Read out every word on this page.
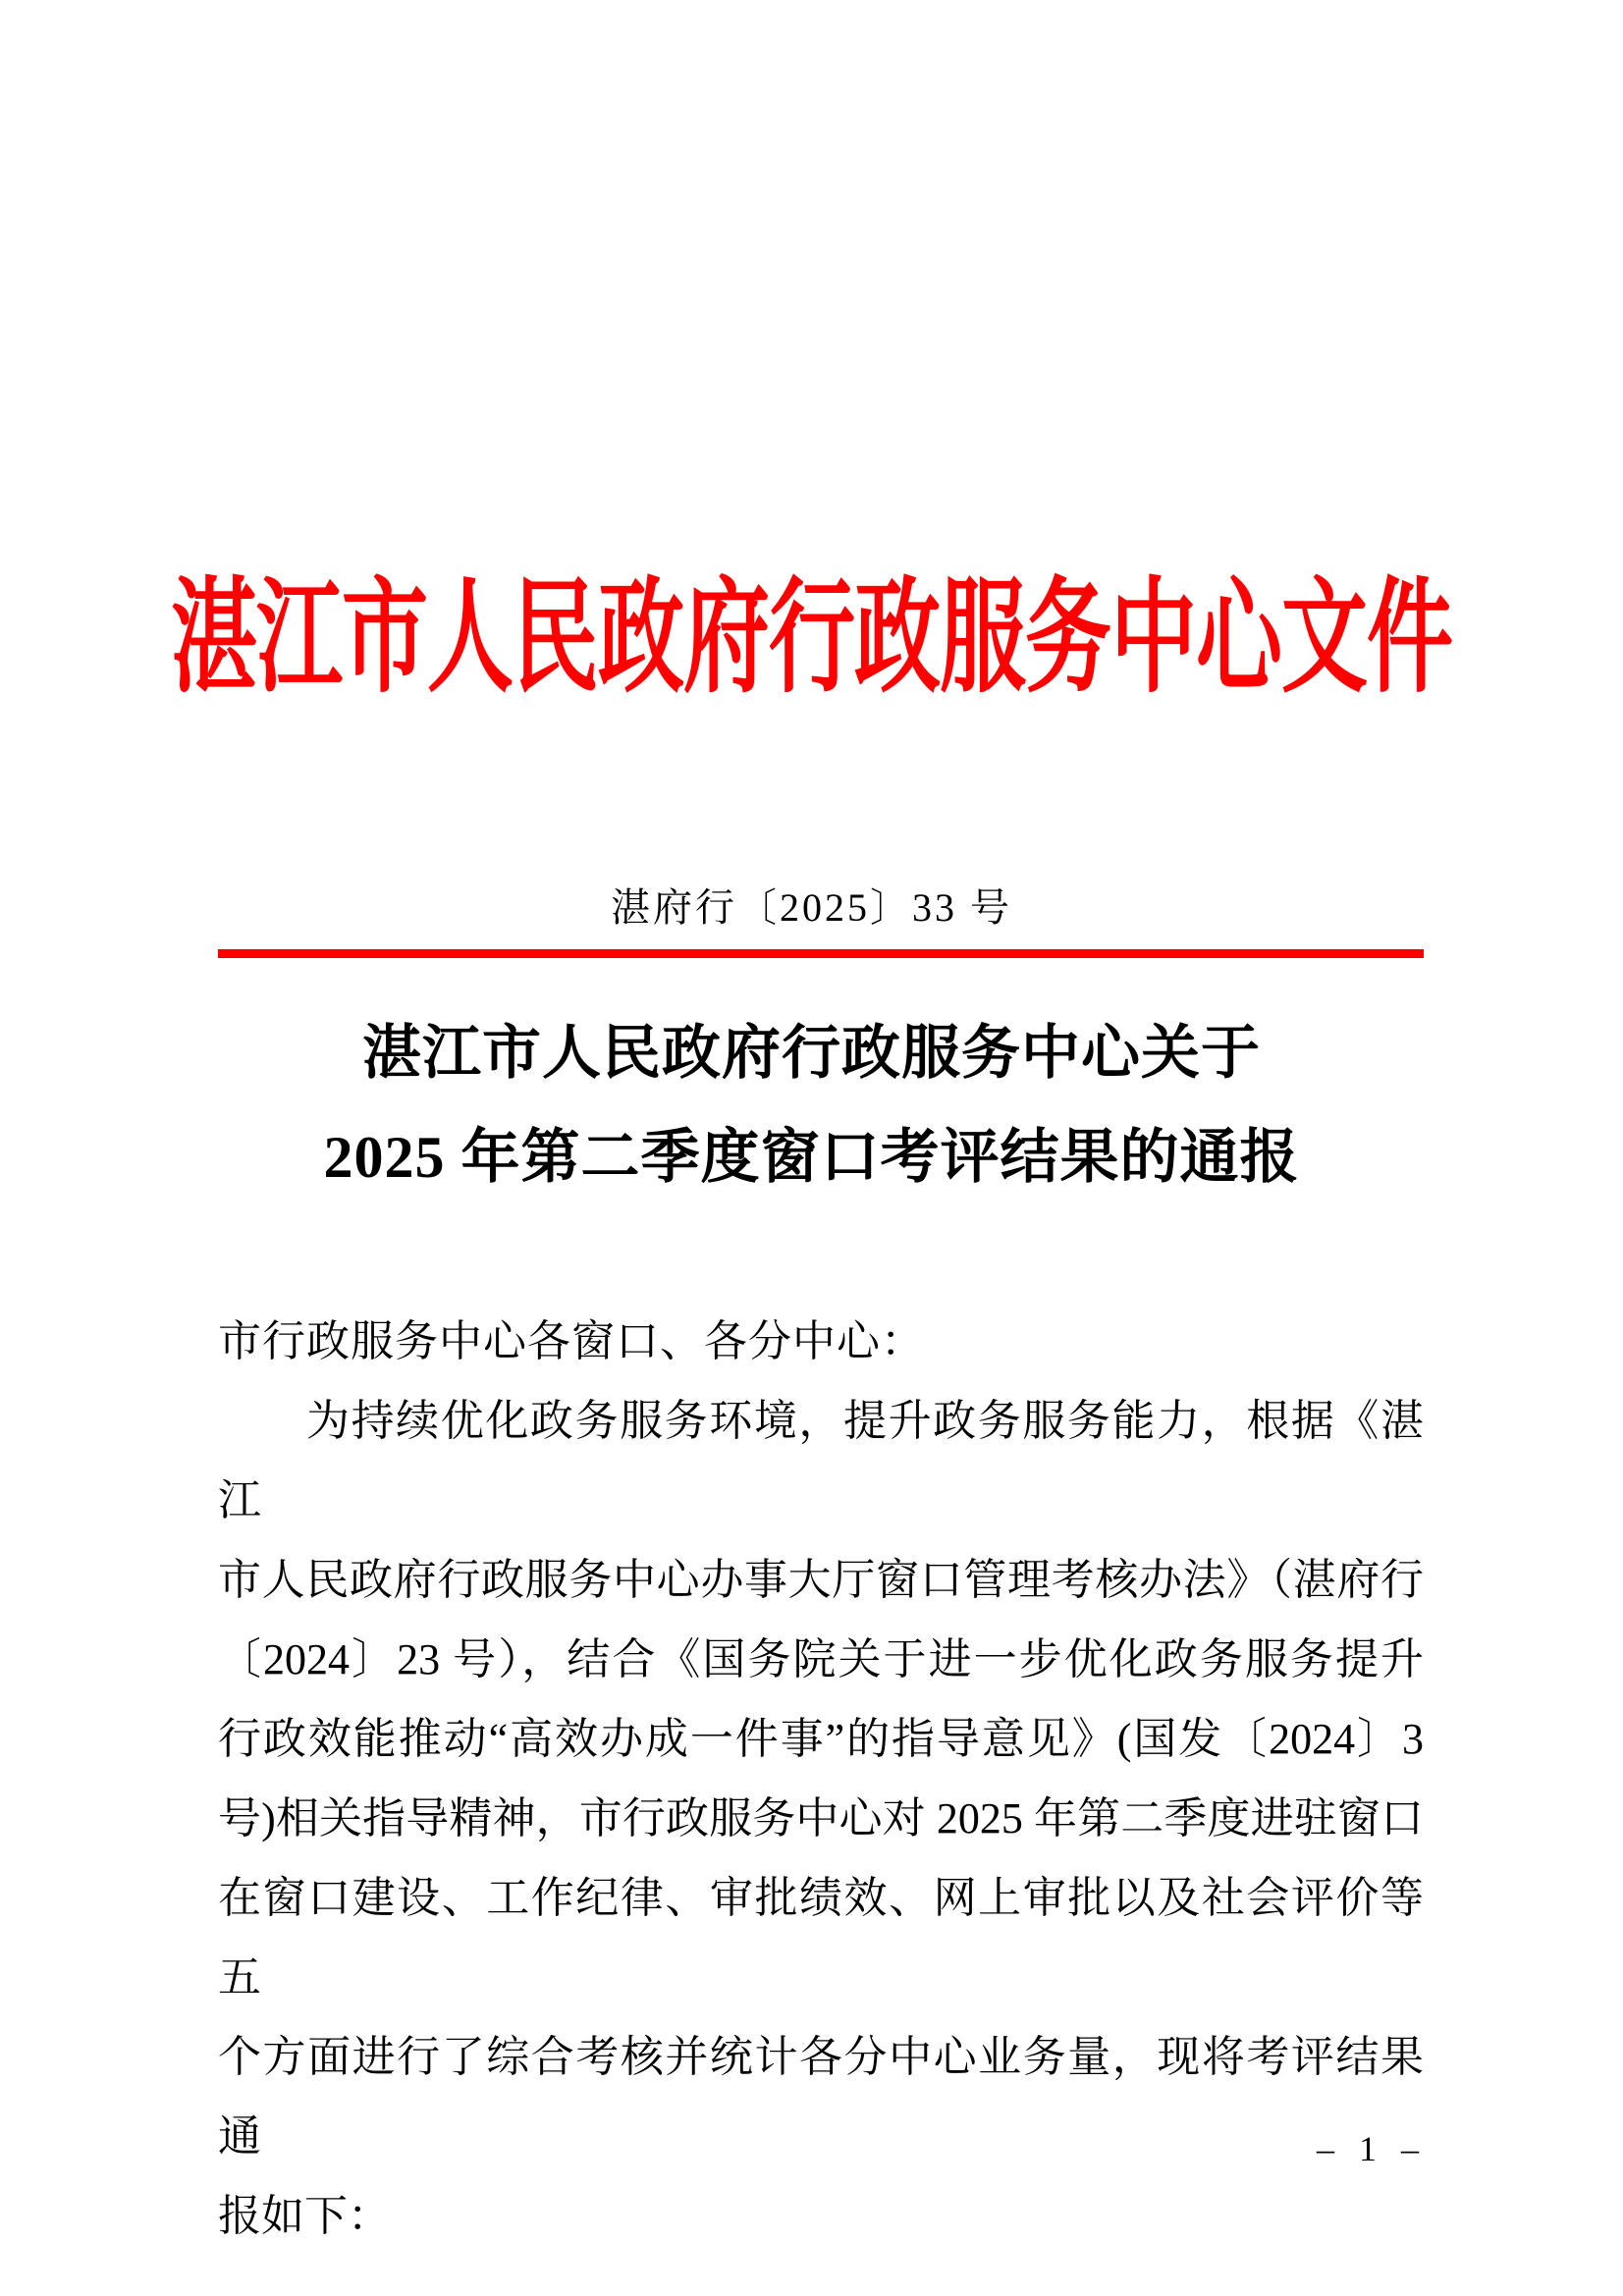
湛江市人民政府行政服务中心文件
湛府行〔2025〕33 号
湛江市人民政府行政服务中心关于
2025 年第二季度窗口考评结果的通报
市行政服务中心各窗口、各分中心：
为持续优化政务服务环境，提升政务服务能力，根据《湛江
市人民政府行政服务中心办事大厅窗口管理考核办法》（湛府行
〔2024〕23 号），结合《国务院关于进一步优化政务服务提升
行政效能推动“高效办成一件事”的指导意见》(国发〔2024〕3
号)相关指导精神，市行政服务中心对 2025 年第二季度进驻窗口
在窗口建设、工作纪律、审批绩效、网上审批以及社会评价等五
个方面进行了综合考核并统计各分中心业务量，现将考评结果通
报如下：
– 1 –
